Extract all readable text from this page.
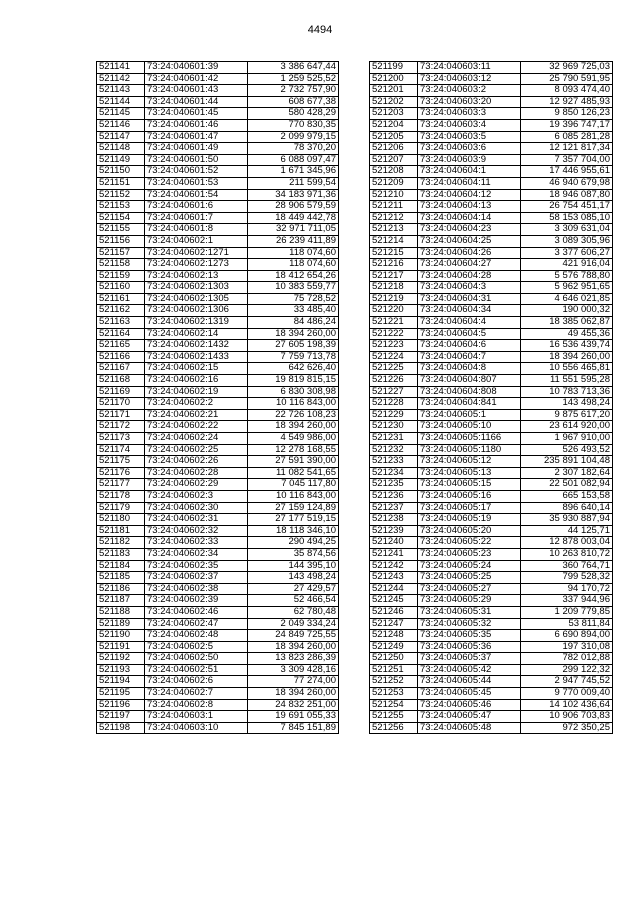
4494
521141	73:24:040601:39	3 386 647,44
521142	73:24:040601:42	1 259 525,52
521143	73:24:040601:43	2 732 757,90
521144	73:24:040601:44	608 677,38
521145	73:24:040601:45	580 428,29
521146	73:24:040601:46	770 830,35
521147	73:24:040601:47	2 099 979,15
521148	73:24:040601:49	78 370,20
521149	73:24:040601:50	6 088 097,47
521150	73:24:040601:52	1 671 345,96
521151	73:24:040601:53	211 599,54
521152	73:24:040601:54	34 183 971,36
521153	73:24:040601:6	28 906 579,59
521154	73:24:040601:7	18 449 442,78
521155	73:24:040601:8	32 971 711,05
521156	73:24:040602:1	26 239 411,89
521157	73:24:040602:1271	118 074,60
521158	73:24:040602:1273	118 074,60
521159	73:24:040602:13	18 412 654,26
521160	73:24:040602:1303	10 383 559,77
521161	73:24:040602:1305	75 728,52
521162	73:24:040602:1306	33 485,40
521163	73:24:040602:1319	84 486,24
521164	73:24:040602:14	18 394 260,00
521165	73:24:040602:1432	27 605 198,39
521166	73:24:040602:1433	7 759 713,78
521167	73:24:040602:15	642 626,40
521168	73:24:040602:16	19 819 815,15
521169	73:24:040602:19	6 830 308,98
521170	73:24:040602:2	10 116 843,00
521171	73:24:040602:21	22 726 108,23
521172	73:24:040602:22	18 394 260,00
521173	73:24:040602:24	4 549 986,00
521174	73:24:040602:25	12 278 168,55
521175	73:24:040602:26	27 591 390,00
521176	73:24:040602:28	11 082 541,65
521177	73:24:040602:29	7 045 117,80
521178	73:24:040602:3	10 116 843,00
521179	73:24:040602:30	27 159 124,89
521180	73:24:040602:31	27 177 519,15
521181	73:24:040602:32	18 118 346,10
521182	73:24:040602:33	290 494,25
521183	73:24:040602:34	35 874,56
521184	73:24:040602:35	144 395,10
521185	73:24:040602:37	143 498,24
521186	73:24:040602:38	27 429,57
521187	73:24:040602:39	52 466,54
521188	73:24:040602:46	62 780,48
521189	73:24:040602:47	2 049 334,24
521190	73:24:040602:48	24 849 725,55
521191	73:24:040602:5	18 394 260,00
521192	73:24:040602:50	13 823 286,39
521193	73:24:040602:51	3 309 428,16
521194	73:24:040602:6	77 274,00
521195	73:24:040602:7	18 394 260,00
521196	73:24:040602:8	24 832 251,00
521197	73:24:040603:1	19 691 055,33
521198	73:24:040603:10	7 845 151,89
521199	73:24:040603:11	32 969 725,03
521200	73:24:040603:12	25 790 591,95
521201	73:24:040603:2	8 093 474,40
521202	73:24:040603:20	12 927 485,93
521203	73:24:040603:3	9 850 126,23
521204	73:24:040603:4	19 396 747,17
521205	73:24:040603:5	6 085 281,28
521206	73:24:040603:6	12 121 817,34
521207	73:24:040603:9	7 357 704,00
521208	73:24:040604:1	17 446 955,61
521209	73:24:040604:11	46 940 679,98
521210	73:24:040604:12	18 946 087,80
521211	73:24:040604:13	26 754 451,17
521212	73:24:040604:14	58 153 085,10
521213	73:24:040604:23	3 309 631,04
521214	73:24:040604:25	3 089 305,96
521215	73:24:040604:26	3 377 606,27
521216	73:24:040604:27	421 916,04
521217	73:24:040604:28	5 576 788,80
521218	73:24:040604:3	5 962 951,65
521219	73:24:040604:31	4 646 021,85
521220	73:24:040604:34	190 000,32
521221	73:24:040604:4	18 385 062,87
521222	73:24:040604:5	49 455,36
521223	73:24:040604:6	16 536 439,74
521224	73:24:040604:7	18 394 260,00
521225	73:24:040604:8	10 556 465,81
521226	73:24:040604:807	11 551 595,28
521227	73:24:040604:808	10 783 713,36
521228	73:24:040604:841	143 498,24
521229	73:24:040605:1	9 875 617,20
521230	73:24:040605:10	23 614 920,00
521231	73:24:040605:1166	1 967 910,00
521232	73:24:040605:1180	526 493,52
521233	73:24:040605:12	235 891 104,48
521234	73:24:040605:13	2 307 182,64
521235	73:24:040605:15	22 501 082,94
521236	73:24:040605:16	665 153,58
521237	73:24:040605:17	896 640,14
521238	73:24:040605:19	35 930 887,94
521239	73:24:040605:20	44 125,71
521240	73:24:040605:22	12 878 003,04
521241	73:24:040605:23	10 263 810,72
521242	73:24:040605:24	360 764,71
521243	73:24:040605:25	799 528,32
521244	73:24:040605:27	94 170,72
521245	73:24:040605:29	337 944,96
521246	73:24:040605:31	1 209 779,85
521247	73:24:040605:32	53 811,84
521248	73:24:040605:35	6 690 894,00
521249	73:24:040605:36	197 310,08
521250	73:24:040605:37	782 012,88
521251	73:24:040605:42	299 122,32
521252	73:24:040605:44	2 947 745,52
521253	73:24:040605:45	9 770 009,40
521254	73:24:040605:46	14 102 436,64
521255	73:24:040605:47	10 906 703,83
521256	73:24:040605:48	972 350,25
